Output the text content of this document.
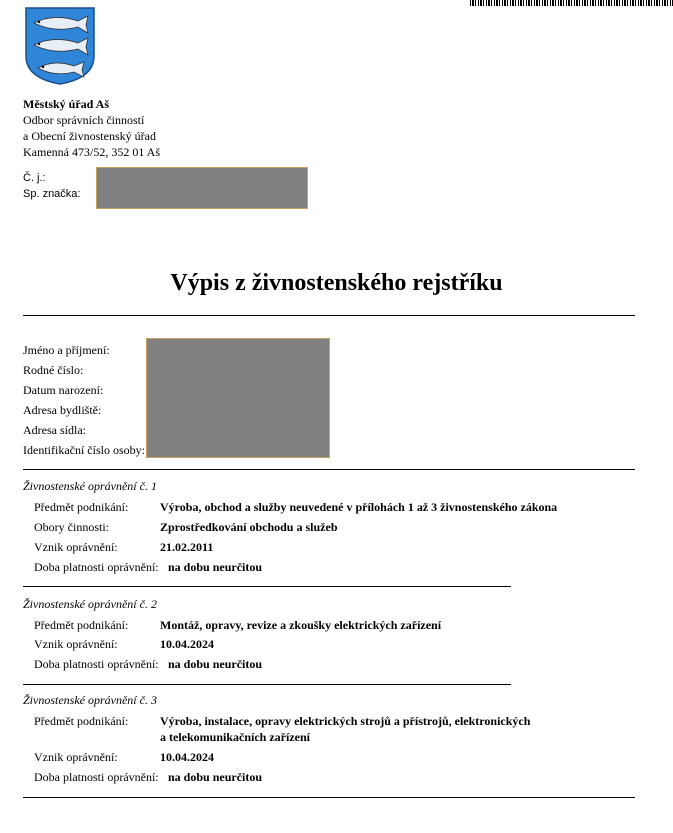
Městský úřad Aš
Odbor správních činností
a Obecní živnostenský úřad
Kamenná 473/52, 352 01 Aš
Č. j.:
Sp. značka:
Výpis z živnostenského rejstříku
Jméno a příjmení:
Rodné číslo:
Datum narození:
Adresa bydliště:
Adresa sídla:
Identifikační číslo osoby:
Živnostenské oprávnění č. 1
Předmět podnikání:	Výroba, obchod a služby neuvedené v přílohách 1 až 3 živnostenského zákona
Obory činnosti:	Zprostředkování obchodu a služeb
Vznik oprávnění:	21.02.2011
Doba platnosti oprávnění: na dobu neurčitou
Živnostenské oprávnění č. 2
Předmět podnikání:	Montáž, opravy, revize a zkoušky elektrických zařízení
Vznik oprávnění:	10.04.2024
Doba platnosti oprávnění: na dobu neurčitou
Živnostenské oprávnění č. 3
Předmět podnikání:	Výroba, instalace, opravy elektrických strojů a přístrojů, elektronických
a telekomunikačních zařízení
Vznik oprávnění:	10.04.2024
Doba platnosti oprávnění: na dobu neurčitou
